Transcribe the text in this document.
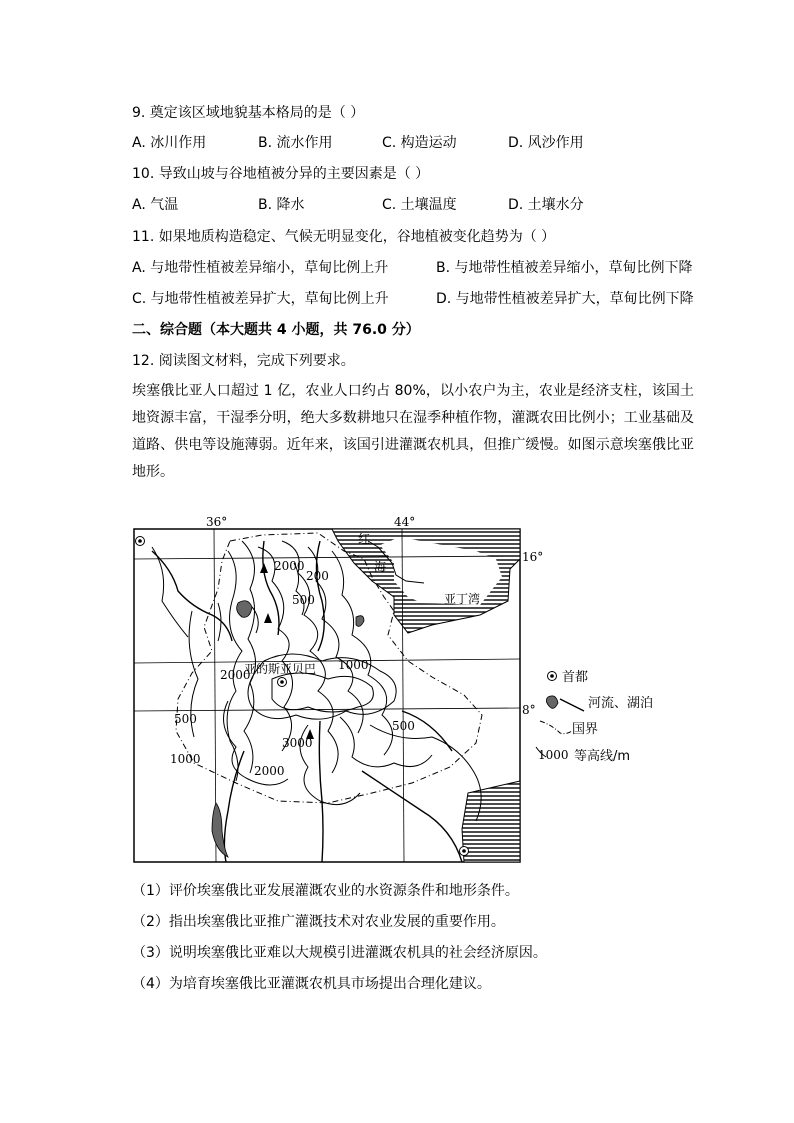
9. 奠定该区域地貌基本格局的是（ ）
A. 冰川作用	B. 流水作用	C. 构造运动	D. 风沙作用
10. 导致山坡与谷地植被分异的主要因素是（ ）
A. 气温	B. 降水	C. 土壤温度	D. 土壤水分
11. 如果地质构造稳定、气候无明显变化，谷地植被变化趋势为（ ）
A. 与地带性植被差异缩小，草甸比例上升	B. 与地带性植被差异缩小，草甸比例下降
C. 与地带性植被差异扩大，草甸比例上升	D. 与地带性植被差异扩大，草甸比例下降
二、综合题（本大题共 4 小题，共 76.0 分）
12. 阅读图文材料，完成下列要求。
埃塞俄比亚人口超过 1 亿，农业人口约占 80%，以小农户为主，农业是经济支柱，该国土地资源丰富，干湿季分明，绝大多数耕地只在湿季种植作物，灌溉农田比例小；工业基础及道路、供电等设施薄弱。近年来，该国引进灌溉农机具，但推广缓慢。如图示意埃塞俄比亚地形。
36°	44°
16°
8°
红
海
亚丁湾
亚的斯亚贝巴
2000
200
500
1000
2000
500
1000
3000
2000
500
首都
河流、湖泊
国界
1000 等高线/m
（1）评价埃塞俄比亚发展灌溉农业的水资源条件和地形条件。
（2）指出埃塞俄比亚推广灌溉技术对农业发展的重要作用。
（3）说明埃塞俄比亚难以大规模引进灌溉农机具的社会经济原因。
（4）为培育埃塞俄比亚灌溉农机具市场提出合理化建议。
